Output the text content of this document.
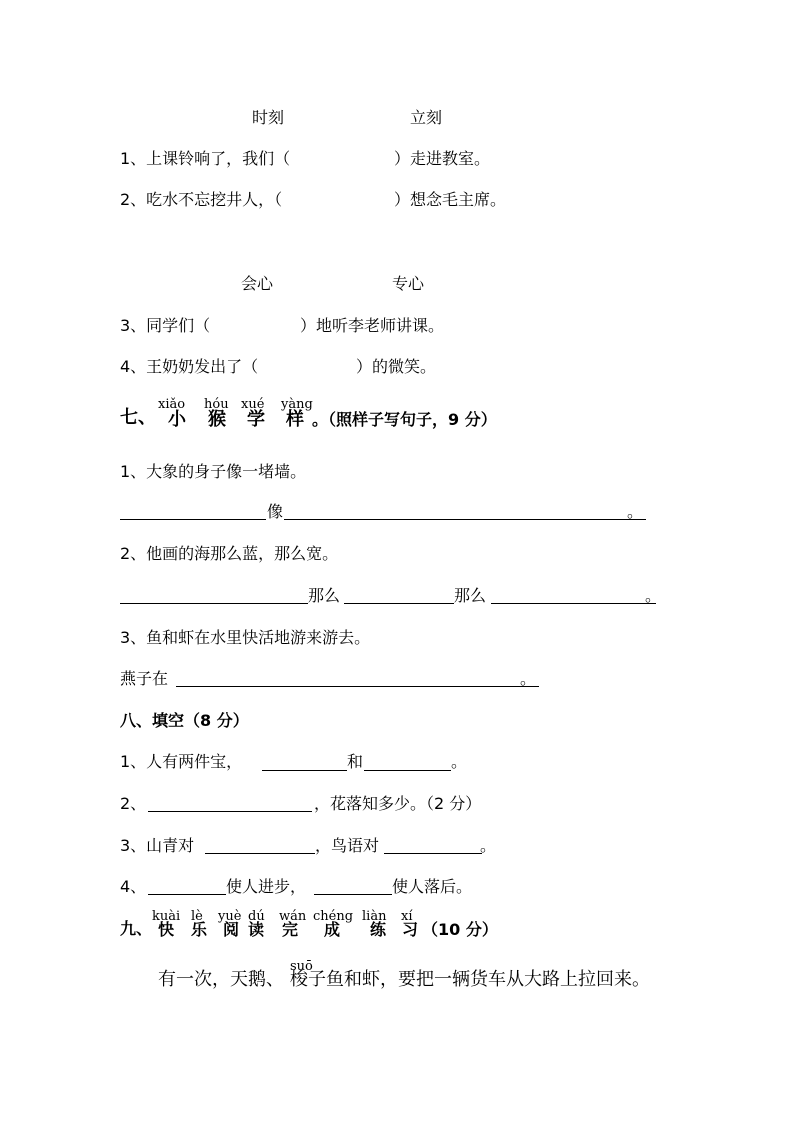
时刻	立刻
1、上课铃响了，我们（	）走进教室。
2、吃水不忘挖井人，（	）想念毛主席。
会心	专心
3、同学们（	）地听李老师讲课。
4、王奶奶发出了（	）的微笑。
七、
xiǎo hóu xué yàng
小 猴 学 样 。（照样子写句子，9 分）
1、大象的身子像一堵墙。
像	。
2、他画的海那么蓝，那么宽。
那么	那么	。
3、鱼和虾在水里快活地游来游去。
燕子在	。
八、填空（8 分）
1、人有两件宝，	和	。
2、	，花落知多少。（2 分）
3、山青对	，鸟语对	。
4、	使人进步，	使人落后。
九、
kuài lè yuè dú wán chéng liàn xí
快 乐 阅 读 完 成 练 习 （10 分）
有一次，天鹅、
suō
梭 子鱼和虾，要把一辆货车从大路上拉回来。
